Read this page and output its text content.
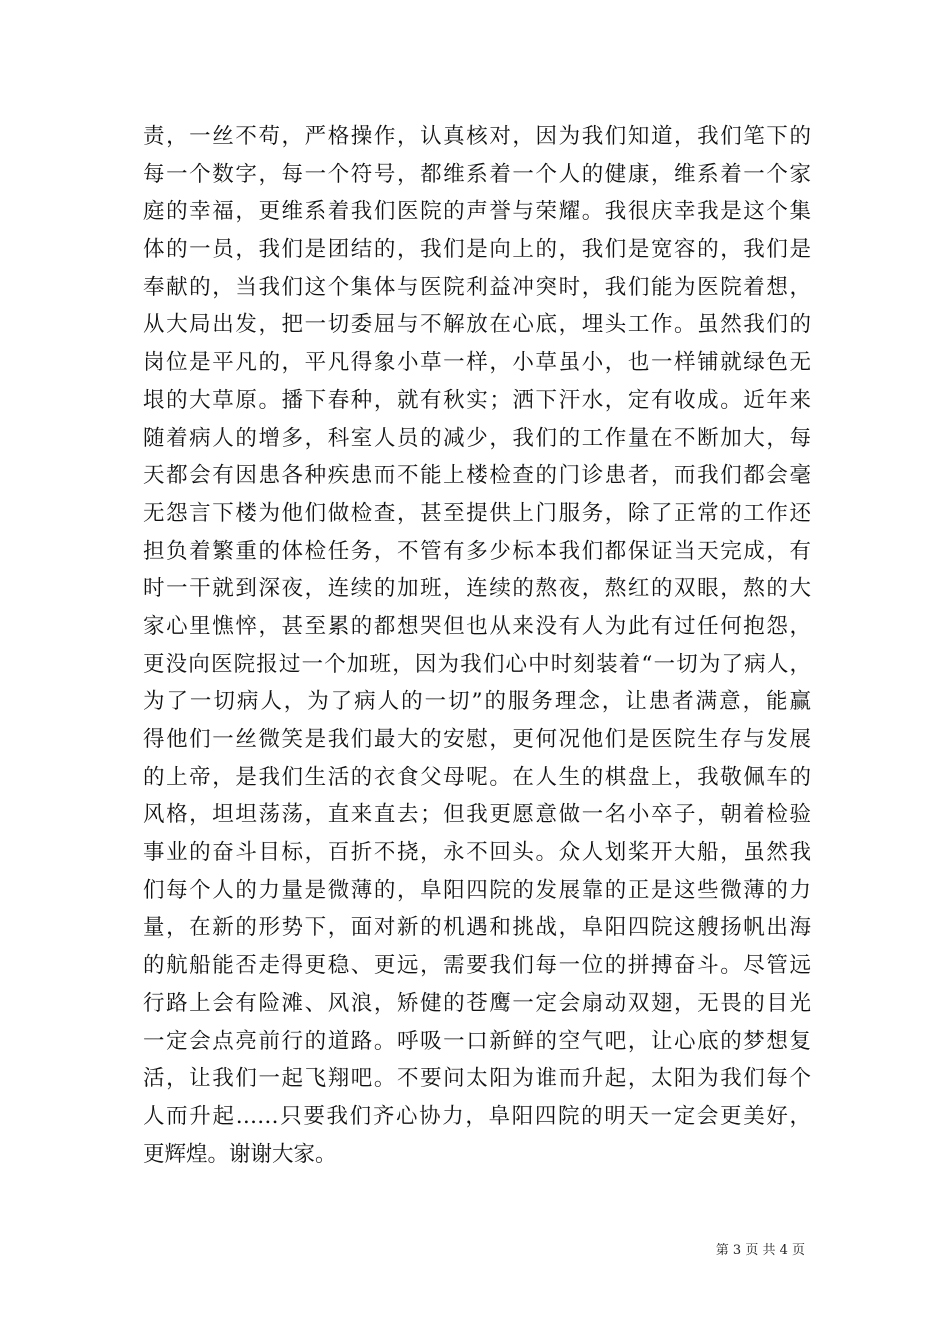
责，一丝不苟，严格操作，认真核对，因为我们知道，我们笔下的
每一个数字，每一个符号，都维系着一个人的健康，维系着一个家
庭的幸福，更维系着我们医院的声誉与荣耀。我很庆幸我是这个集
体的一员，我们是团结的，我们是向上的，我们是宽容的，我们是
奉献的，当我们这个集体与医院利益冲突时，我们能为医院着想，
从大局出发，把一切委屈与不解放在心底，埋头工作。虽然我们的
岗位是平凡的，平凡得象小草一样，小草虽小，也一样铺就绿色无
垠的大草原。播下春种，就有秋实；洒下汗水，定有收成。近年来
随着病人的增多，科室人员的减少，我们的工作量在不断加大，每
天都会有因患各种疾患而不能上楼检查的门诊患者，而我们都会毫
无怨言下楼为他们做检查，甚至提供上门服务，除了正常的工作还
担负着繁重的体检任务，不管有多少标本我们都保证当天完成，有
时一干就到深夜，连续的加班，连续的熬夜，熬红的双眼，熬的大
家心里憔悴，甚至累的都想哭但也从来没有人为此有过任何抱怨，
更没向医院报过一个加班，因为我们心中时刻装着“一切为了病人，
为了一切病人，为了病人的一切”的服务理念，让患者满意，能赢
得他们一丝微笑是我们最大的安慰，更何况他们是医院生存与发展
的上帝，是我们生活的衣食父母呢。在人生的棋盘上，我敬佩车的
风格，坦坦荡荡，直来直去；但我更愿意做一名小卒子，朝着检验
事业的奋斗目标，百折不挠，永不回头。众人划桨开大船，虽然我
们每个人的力量是微薄的，阜阳四院的发展靠的正是这些微薄的力
量，在新的形势下，面对新的机遇和挑战，阜阳四院这艘扬帆出海
的航船能否走得更稳、更远，需要我们每一位的拼搏奋斗。尽管远
行路上会有险滩、风浪，矫健的苍鹰一定会扇动双翅，无畏的目光
一定会点亮前行的道路。呼吸一口新鲜的空气吧，让心底的梦想复
活，让我们一起飞翔吧。不要问太阳为谁而升起，太阳为我们每个
人而升起……只要我们齐心协力，阜阳四院的明天一定会更美好，
更辉煌。谢谢大家。
第 3 页 共 4 页
